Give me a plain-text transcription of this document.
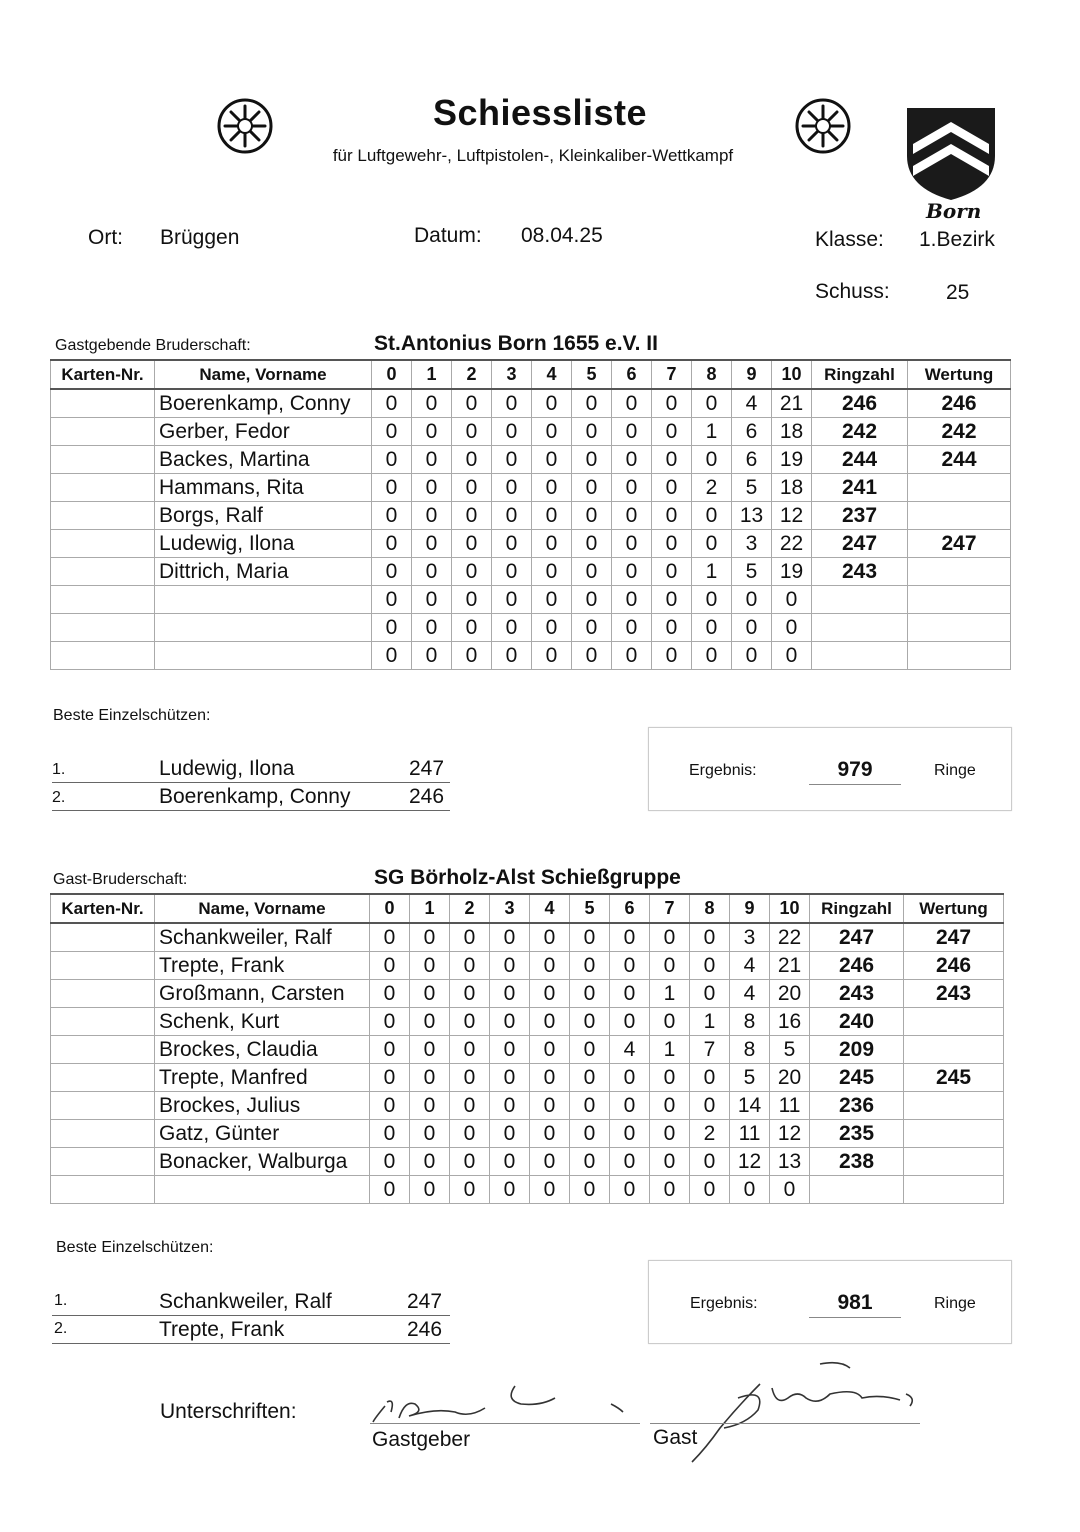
Schiessliste
für Luftgewehr-, Luftpistolen-, Kleinkaliber-Wettkampf
Born
Ort: Brüggen	Datum: 08.04.25	Klasse: 1.Bezirk
Schuss:	25
Gastgebende Bruderschaft:	St.Antonius Born 1655 e.V. II
Karten-Nr.	Name, Vorname	0	1	2	3	4	5	6	7	8	9	10	Ringzahl	Wertung
	Boerenkamp, Conny	0	0	0	0	0	0	0	0	0	4	21	246	246
	Gerber, Fedor	0	0	0	0	0	0	0	0	1	6	18	242	242
	Backes, Martina	0	0	0	0	0	0	0	0	0	6	19	244	244
	Hammans, Rita	0	0	0	0	0	0	0	0	2	5	18	241	
	Borgs, Ralf	0	0	0	0	0	0	0	0	0	13	12	237	
	Ludewig, Ilona	0	0	0	0	0	0	0	0	0	3	22	247	247
	Dittrich, Maria	0	0	0	0	0	0	0	0	1	5	19	243	
		0	0	0	0	0	0	0	0	0	0	0		
		0	0	0	0	0	0	0	0	0	0	0		
		0	0	0	0	0	0	0	0	0	0	0		
Beste Einzelschützen:
1.	Ludewig, Ilona	247
2.	Boerenkamp, Conny	246
Ergebnis:	979	Ringe
Gast-Bruderschaft:	SG Börholz-Alst Schießgruppe
Karten-Nr.	Name, Vorname	0	1	2	3	4	5	6	7	8	9	10	Ringzahl	Wertung
	Schankweiler, Ralf	0	0	0	0	0	0	0	0	0	3	22	247	247
	Trepte, Frank	0	0	0	0	0	0	0	0	0	4	21	246	246
	Großmann, Carsten	0	0	0	0	0	0	0	1	0	4	20	243	243
	Schenk, Kurt	0	0	0	0	0	0	0	0	1	8	16	240	
	Brockes, Claudia	0	0	0	0	0	0	4	1	7	8	5	209	
	Trepte, Manfred	0	0	0	0	0	0	0	0	0	5	20	245	245
	Brockes, Julius	0	0	0	0	0	0	0	0	0	14	11	236	
	Gatz, Günter	0	0	0	0	0	0	0	0	2	11	12	235	
	Bonacker, Walburga	0	0	0	0	0	0	0	0	0	12	13	238	
		0	0	0	0	0	0	0	0	0	0	0		
Beste Einzelschützen:
1.	Schankweiler, Ralf	247
2.	Trepte, Frank	246
Ergebnis:	981	Ringe
Unterschriften:
Gastgeber	Gast
